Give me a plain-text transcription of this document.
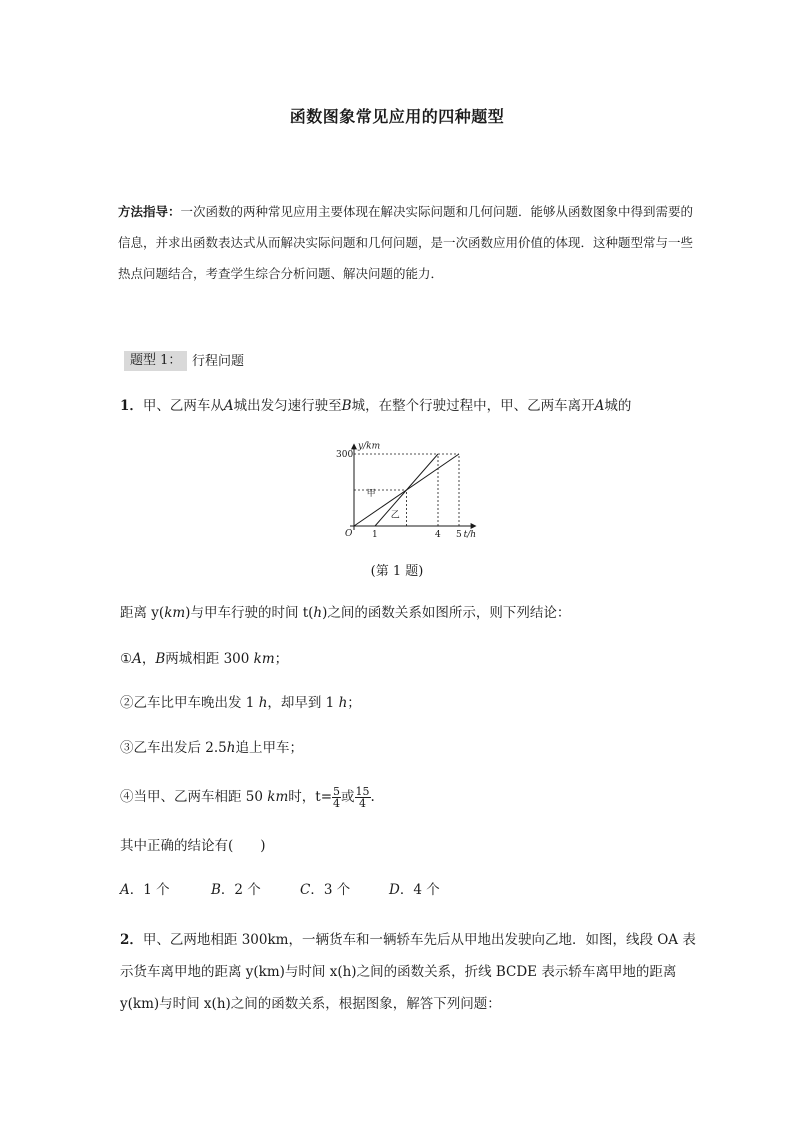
函数图象常见应用的四种题型
方法指导：一次函数的两种常见应用主要体现在解决实际问题和几何问题．能够从函数图象中得到需要的信息，并求出函数表达式从而解决实际问题和几何问题，是一次函数应用价值的体现．这种题型常与一些热点问题结合，考查学生综合分析问题、解决问题的能力．
题型 1： 行程问题
1．甲、乙两车从A城出发匀速行驶至B城，在整个行驶过程中，甲、乙两车离开A城的
y/km
t/h
O
300
1	4 5
甲
乙
(第 1 题)
距离 y(km)与甲车行驶的时间 t(h)之间的函数关系如图所示，则下列结论：
①A，B两城相距 300 km；
②乙车比甲车晚出发 1 h，却早到 1 h；
③乙车出发后 2.5h追上甲车；
④当甲、乙两车相距 50 km时，$t= \frac{5}{4}$ 或 $\frac{15}{4}$ .
其中正确的结论有(　　)
A．1 个	B．2 个	C．3 个	D．4 个
2．甲、乙两地相距 300km，一辆货车和一辆轿车先后从甲地出发驶向乙地．如图，线段 OA 表示货车离甲地的距离 y(km)与时间 x(h)之间的函数关系，折线 BCDE 表示轿车离甲地的距离 y(km)与时间 x(h)之间的函数关系，根据图象，解答下列问题：
